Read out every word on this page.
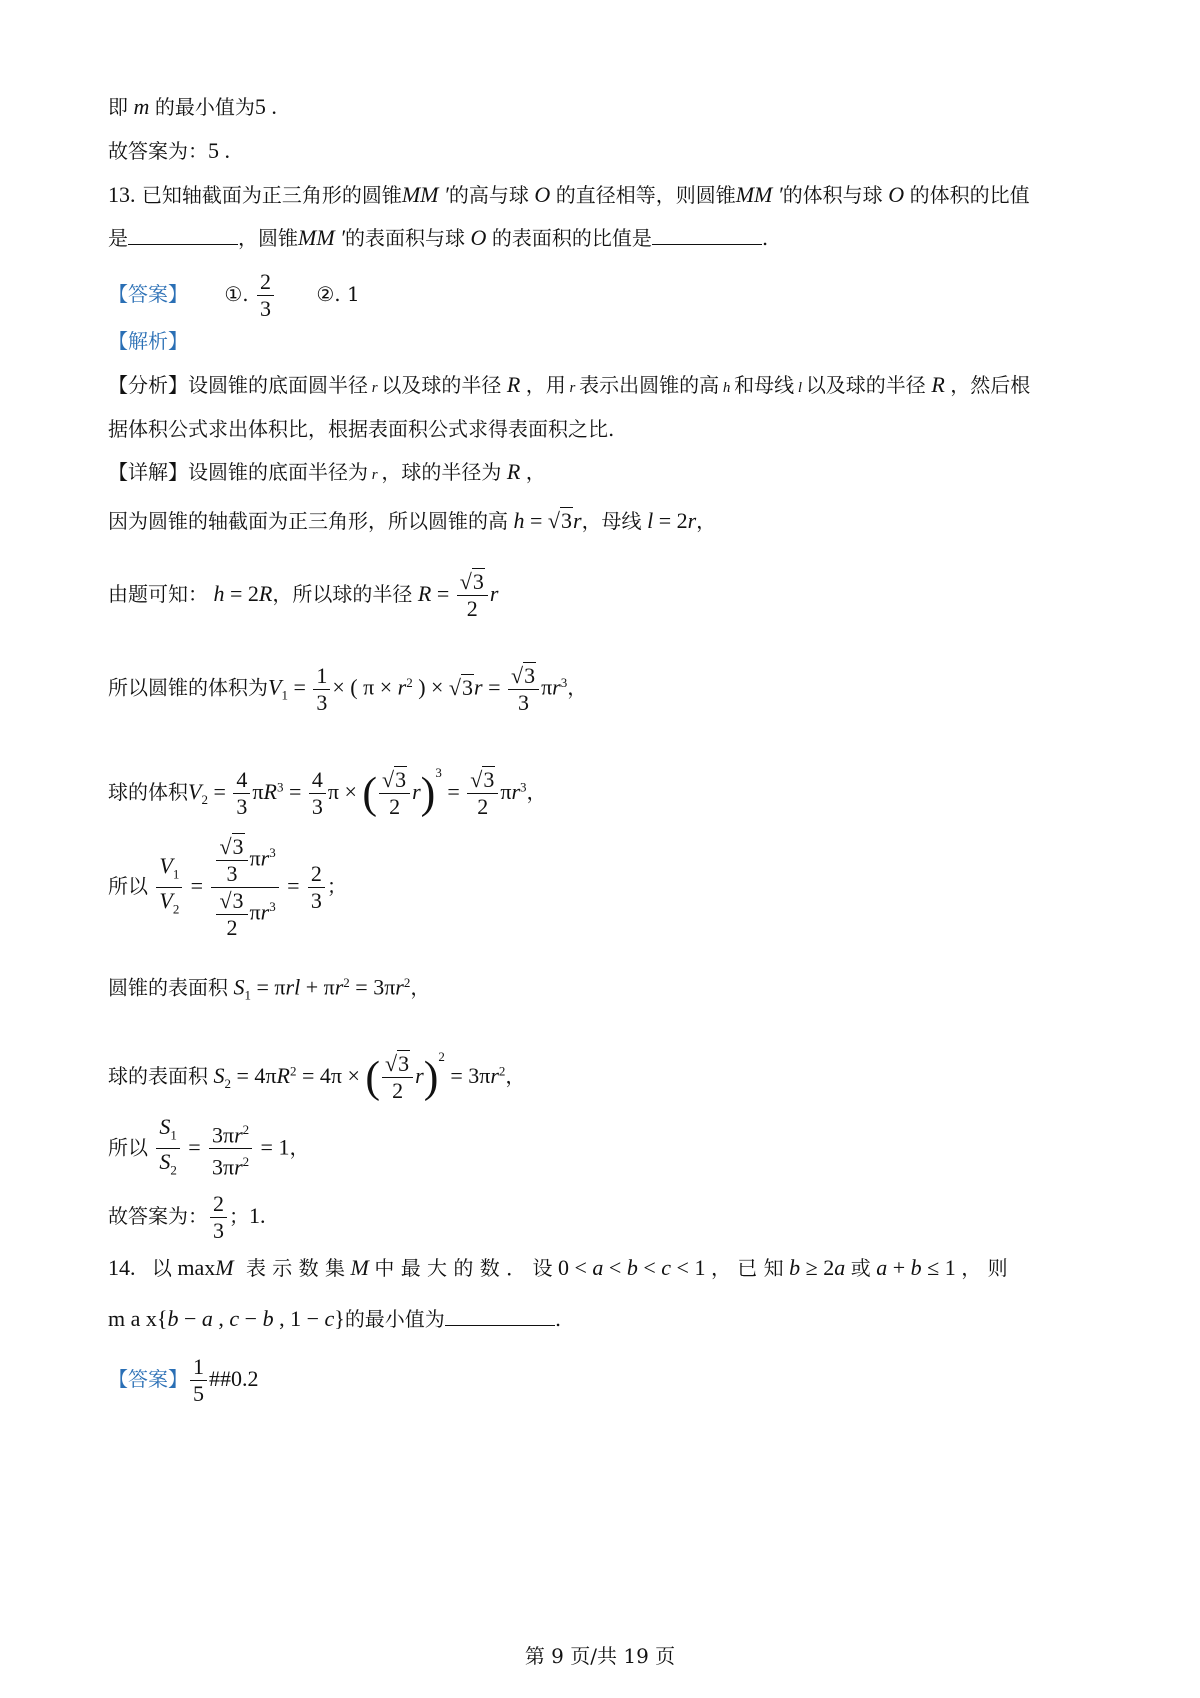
即 m 的最小值为5 .
故答案为：5 .
13. 已知轴截面为正三角形的圆锥MM ′的高与球 O 的直径相等，则圆锥MM ′的体积与球 O 的体积的比值
是	，圆锥MM ′的表面积与球 O 的表面积的比值是	.
【答案】 ①. $\frac{2}{3}$ ②. 1
【解析】
【分析】设圆锥的底面圆半径 r 以及球的半径 R ，用 r 表示出圆锥的高 h 和母线 l 以及球的半径 R ，然后根
据体积公式求出体积比，根据表面积公式求得表面积之比.
【详解】设圆锥的底面半径为 r ，球的半径为 R ，
因为圆锥的轴截面为正三角形，所以圆锥的高 h = √3r，母线 l = 2r，
由题可知： h = 2R，所以球的半径 $R = \frac{√3}{2}$ r
所以圆锥的体积为$V_1 = \frac{1}{3}$ × ( $\pi \times r^2$ ) × $√3r = \frac{√3}{3} \pi r^3$，
球的体积$V_2 = \frac{4}{3} \pi R^3 = \frac{4}{3}$ π × ( $\frac{√3}{2} r)^3 = \frac{√3}{2} \pi r^3$，
所以 $\frac{V_1}{V_2} = \frac{\frac{√3}{3} \pi r^3}{\frac{√3}{2} \pi r^3} = \frac{2}{3}$ ；
圆锥的表面积 $S_1 = \pi rl + \pi r^2 = 3\pi r^2$，
球的表面积 $S_2 = 4\pi R^2 = 4\pi$ × ( $\frac{√3}{2} r)^2 = 3\pi r^2$，
所以 $\frac{S_1}{S_2} = \frac{3\pi r^2}{3\pi r^2} = 1$，
故答案为： $\frac{2}{3}$ ；1.
14. 以 maxM 表 示 数 集 M 中 最 大 的 数 ． 设 0 < a < b < c < 1 ， 已 知 b ≥ 2a 或 a + b ≤ 1 ， 则
m a x{b − a , c − b , 1 − c}的最小值为	.
【答案】 $\frac{1}{5}$ ##0.2
第 9 页/共 19 页
